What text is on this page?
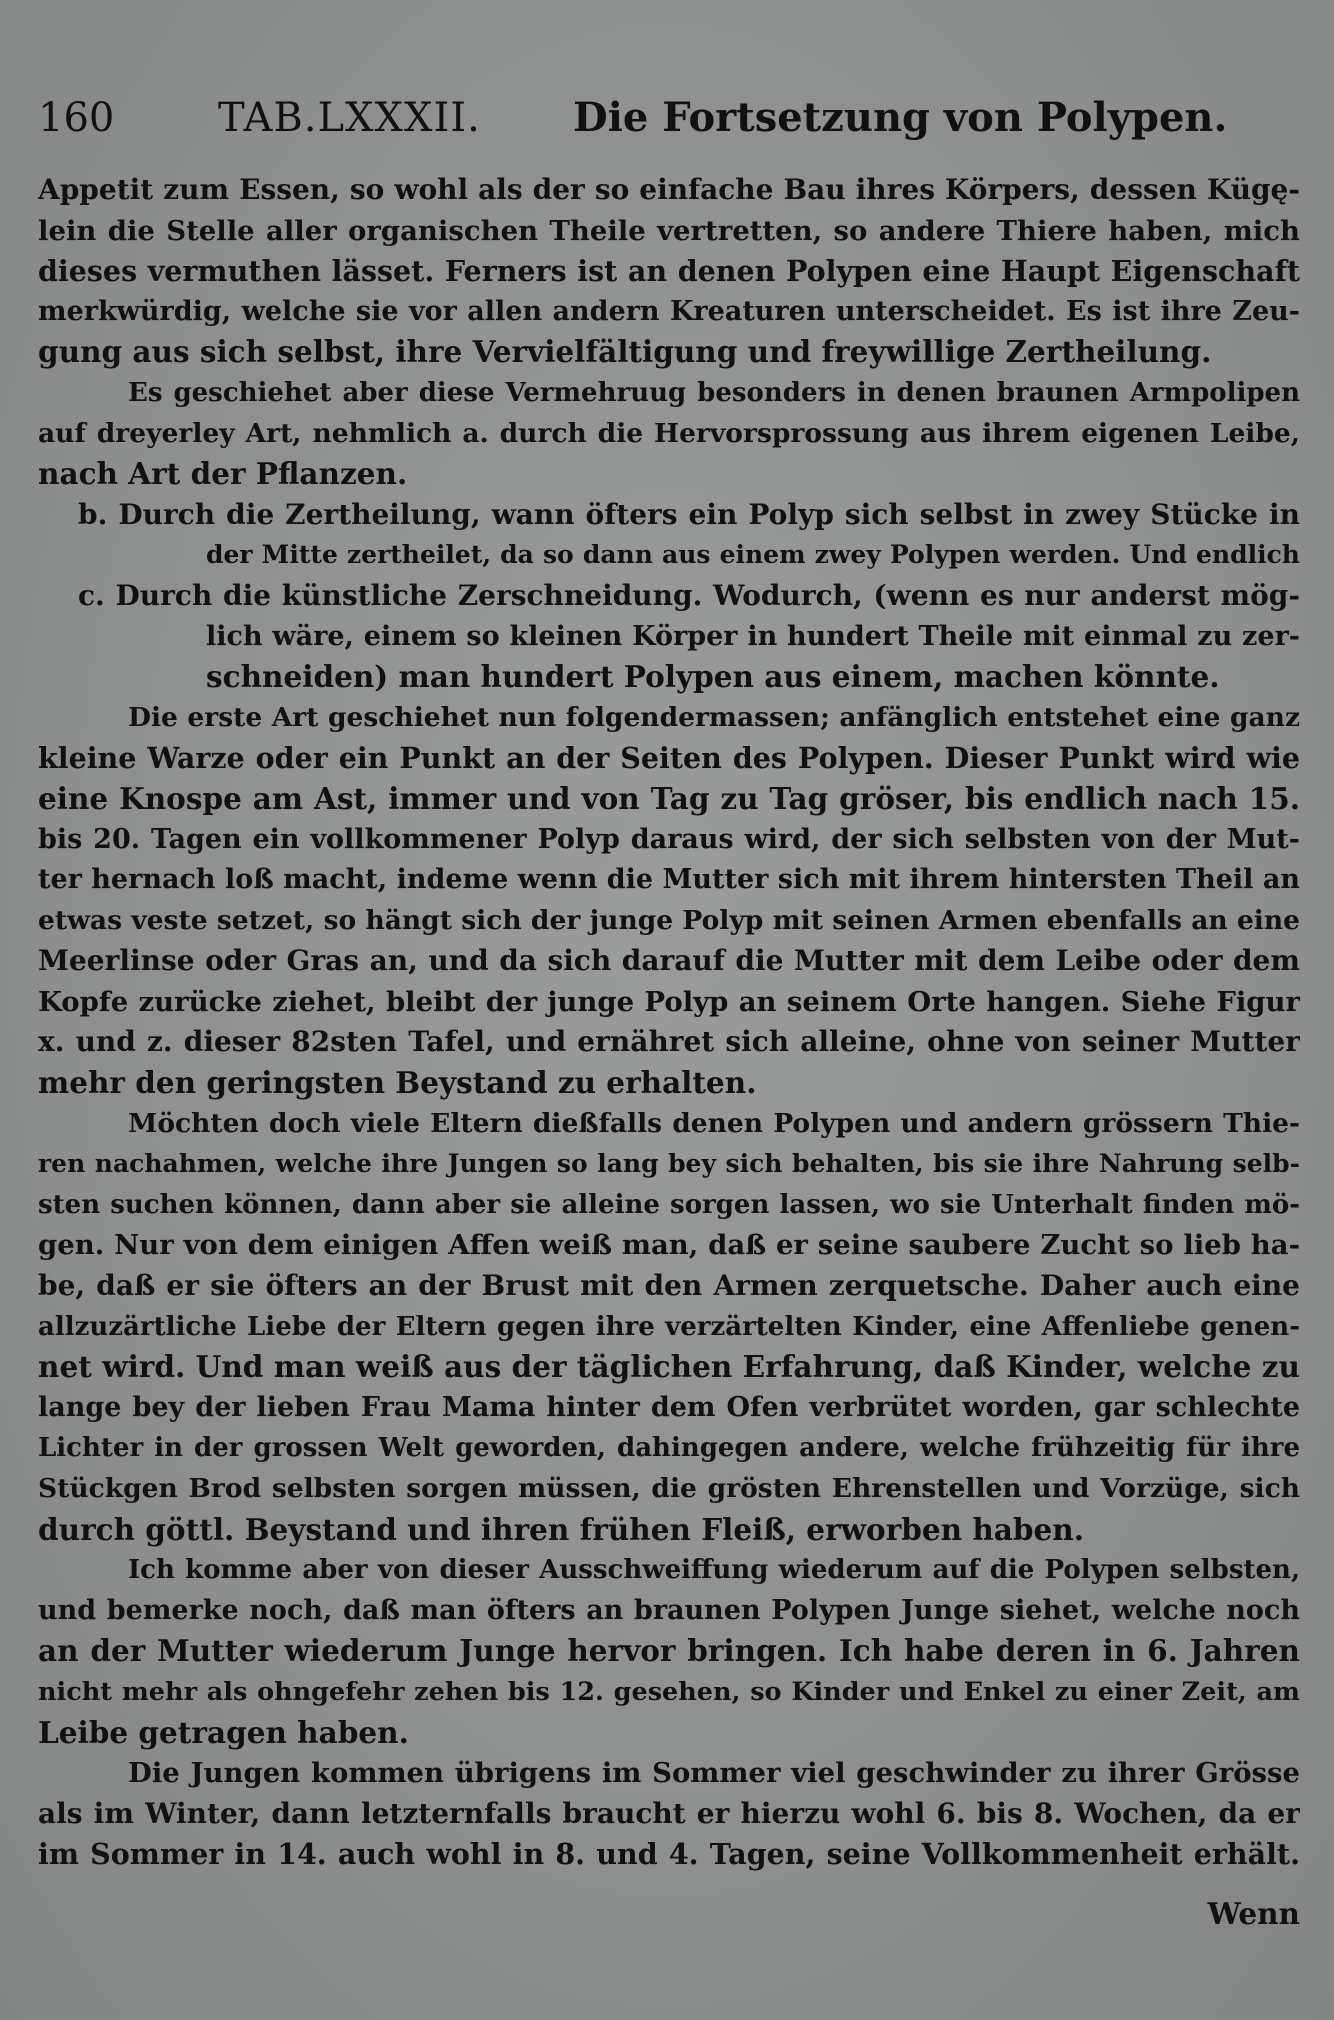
160	TAB.LXXXII. Die Fortsetzung von Polypen.
Appetit zum Essen, so wohl als der so einfache Bau ihres Körpers, dessen Kügę-
lein die Stelle aller organischen Theile vertretten, so andere Thiere haben, mich
dieses vermuthen lässet. Ferners ist an denen Polypen eine Haupt Eigenschaft
merkwürdig, welche sie vor allen andern Kreaturen unterscheidet. Es ist ihre Zeu-
gung aus sich selbst, ihre Vervielfältigung und freywillige Zertheilung.
Es geschiehet aber diese Vermehruug besonders in denen braunen Armpolipen
auf dreyerley Art, nehmlich a. durch die Hervorsprossung aus ihrem eigenen Leibe,
nach Art der Pflanzen.
b. Durch die Zertheilung, wann öfters ein Polyp sich selbst in zwey Stücke in
der Mitte zertheilet, da so dann aus einem zwey Polypen werden. Und endlich
c. Durch die künstliche Zerschneidung. Wodurch, (wenn es nur anderst mög-
lich wäre, einem so kleinen Körper in hundert Theile mit einmal zu zer-
schneiden) man hundert Polypen aus einem, machen könnte.
Die erste Art geschiehet nun folgendermassen; anfänglich entstehet eine ganz
kleine Warze oder ein Punkt an der Seiten des Polypen. Dieser Punkt wird wie
eine Knospe am Ast, immer und von Tag zu Tag gröser, bis endlich nach 15.
bis 20. Tagen ein vollkommener Polyp daraus wird, der sich selbsten von der Mut-
ter hernach loß macht, indeme wenn die Mutter sich mit ihrem hintersten Theil an
etwas veste setzet, so hängt sich der junge Polyp mit seinen Armen ebenfalls an eine
Meerlinse oder Gras an, und da sich darauf die Mutter mit dem Leibe oder dem
Kopfe zurücke ziehet, bleibt der junge Polyp an seinem Orte hangen. Siehe Figur
x. und z. dieser 82sten Tafel, und ernähret sich alleine, ohne von seiner Mutter
mehr den geringsten Beystand zu erhalten.
Möchten doch viele Eltern dießfalls denen Polypen und andern grössern Thie-
ren nachahmen, welche ihre Jungen so lang bey sich behalten, bis sie ihre Nahrung selb-
sten suchen können, dann aber sie alleine sorgen lassen, wo sie Unterhalt finden mö-
gen. Nur von dem einigen Affen weiß man, daß er seine saubere Zucht so lieb ha-
be, daß er sie öfters an der Brust mit den Armen zerquetsche. Daher auch eine
allzuzärtliche Liebe der Eltern gegen ihre verzärtelten Kinder, eine Affenliebe genen-
net wird. Und man weiß aus der täglichen Erfahrung, daß Kinder, welche zu
lange bey der lieben Frau Mama hinter dem Ofen verbrütet worden, gar schlechte
Lichter in der grossen Welt geworden, dahingegen andere, welche frühzeitig für ihre
Stückgen Brod selbsten sorgen müssen, die grösten Ehrenstellen und Vorzüge, sich
durch göttl. Beystand und ihren frühen Fleiß, erworben haben.
Ich komme aber von dieser Ausschweiffung wiederum auf die Polypen selbsten,
und bemerke noch, daß man öfters an braunen Polypen Junge siehet, welche noch
an der Mutter wiederum Junge hervor bringen. Ich habe deren in 6. Jahren
nicht mehr als ohngefehr zehen bis 12. gesehen, so Kinder und Enkel zu einer Zeit, am
Leibe getragen haben.
Die Jungen kommen übrigens im Sommer viel geschwinder zu ihrer Grösse
als im Winter, dann letzternfalls braucht er hierzu wohl 6. bis 8. Wochen, da er
im Sommer in 14. auch wohl in 8. und 4. Tagen, seine Vollkommenheit erhält.
Wenn
